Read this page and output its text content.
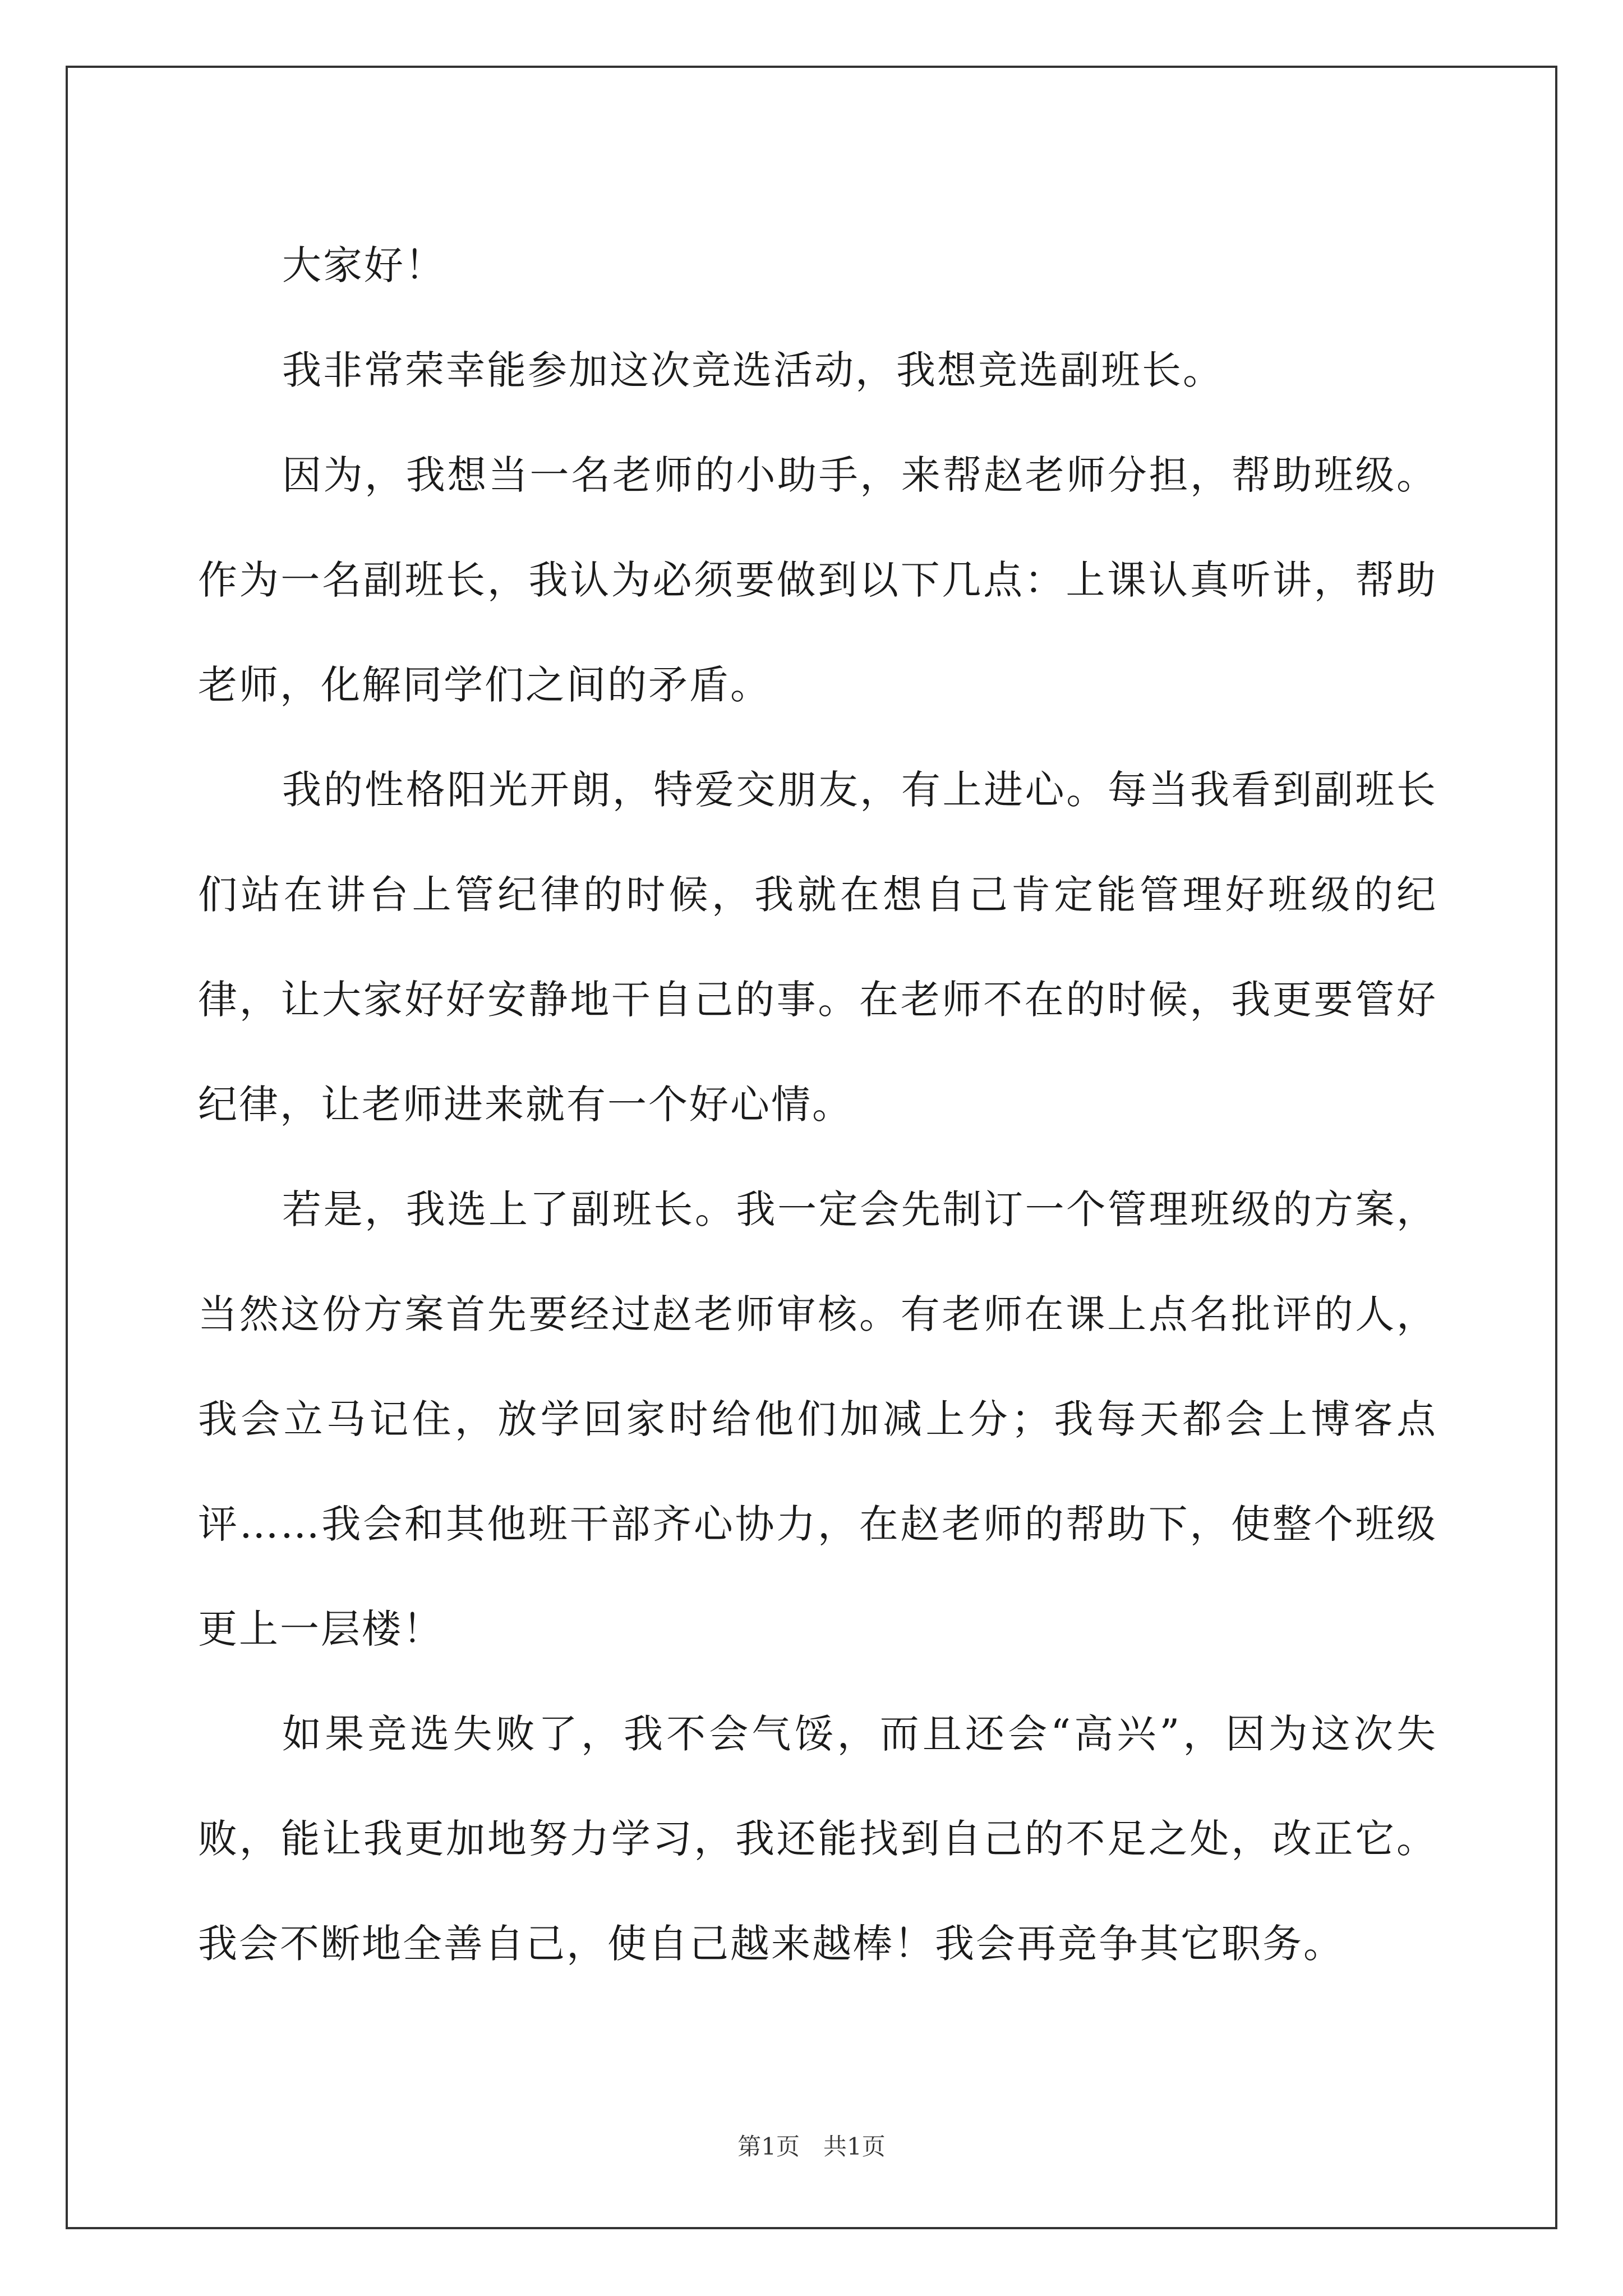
大家好！

我非常荣幸能参加这次竞选活动，我想竞选副班长。

因为，我想当一名老师的小助手，来帮赵老师分担，帮助班级。作为一名副班长，我认为必须要做到以下几点：上课认真听讲，帮助老师，化解同学们之间的矛盾。

我的性格阳光开朗，特爱交朋友，有上进心。每当我看到副班长们站在讲台上管纪律的时候，我就在想自己肯定能管理好班级的纪律，让大家好好安静地干自己的事。在老师不在的时候，我更要管好纪律，让老师进来就有一个好心情。

若是，我选上了副班长。我一定会先制订一个管理班级的方案，当然这份方案首先要经过赵老师审核。有老师在课上点名批评的人，我会立马记住，放学回家时给他们加减上分；我每天都会上博客点评……我会和其他班干部齐心协力，在赵老师的帮助下，使整个班级更上一层楼！

如果竞选失败了，我不会气馁，而且还会“高兴”，因为这次失败，能让我更加地努力学习，我还能找到自己的不足之处，改正它。我会不断地全善自己，使自己越来越棒！我会再竞争其它职务。

第1页　共1页
